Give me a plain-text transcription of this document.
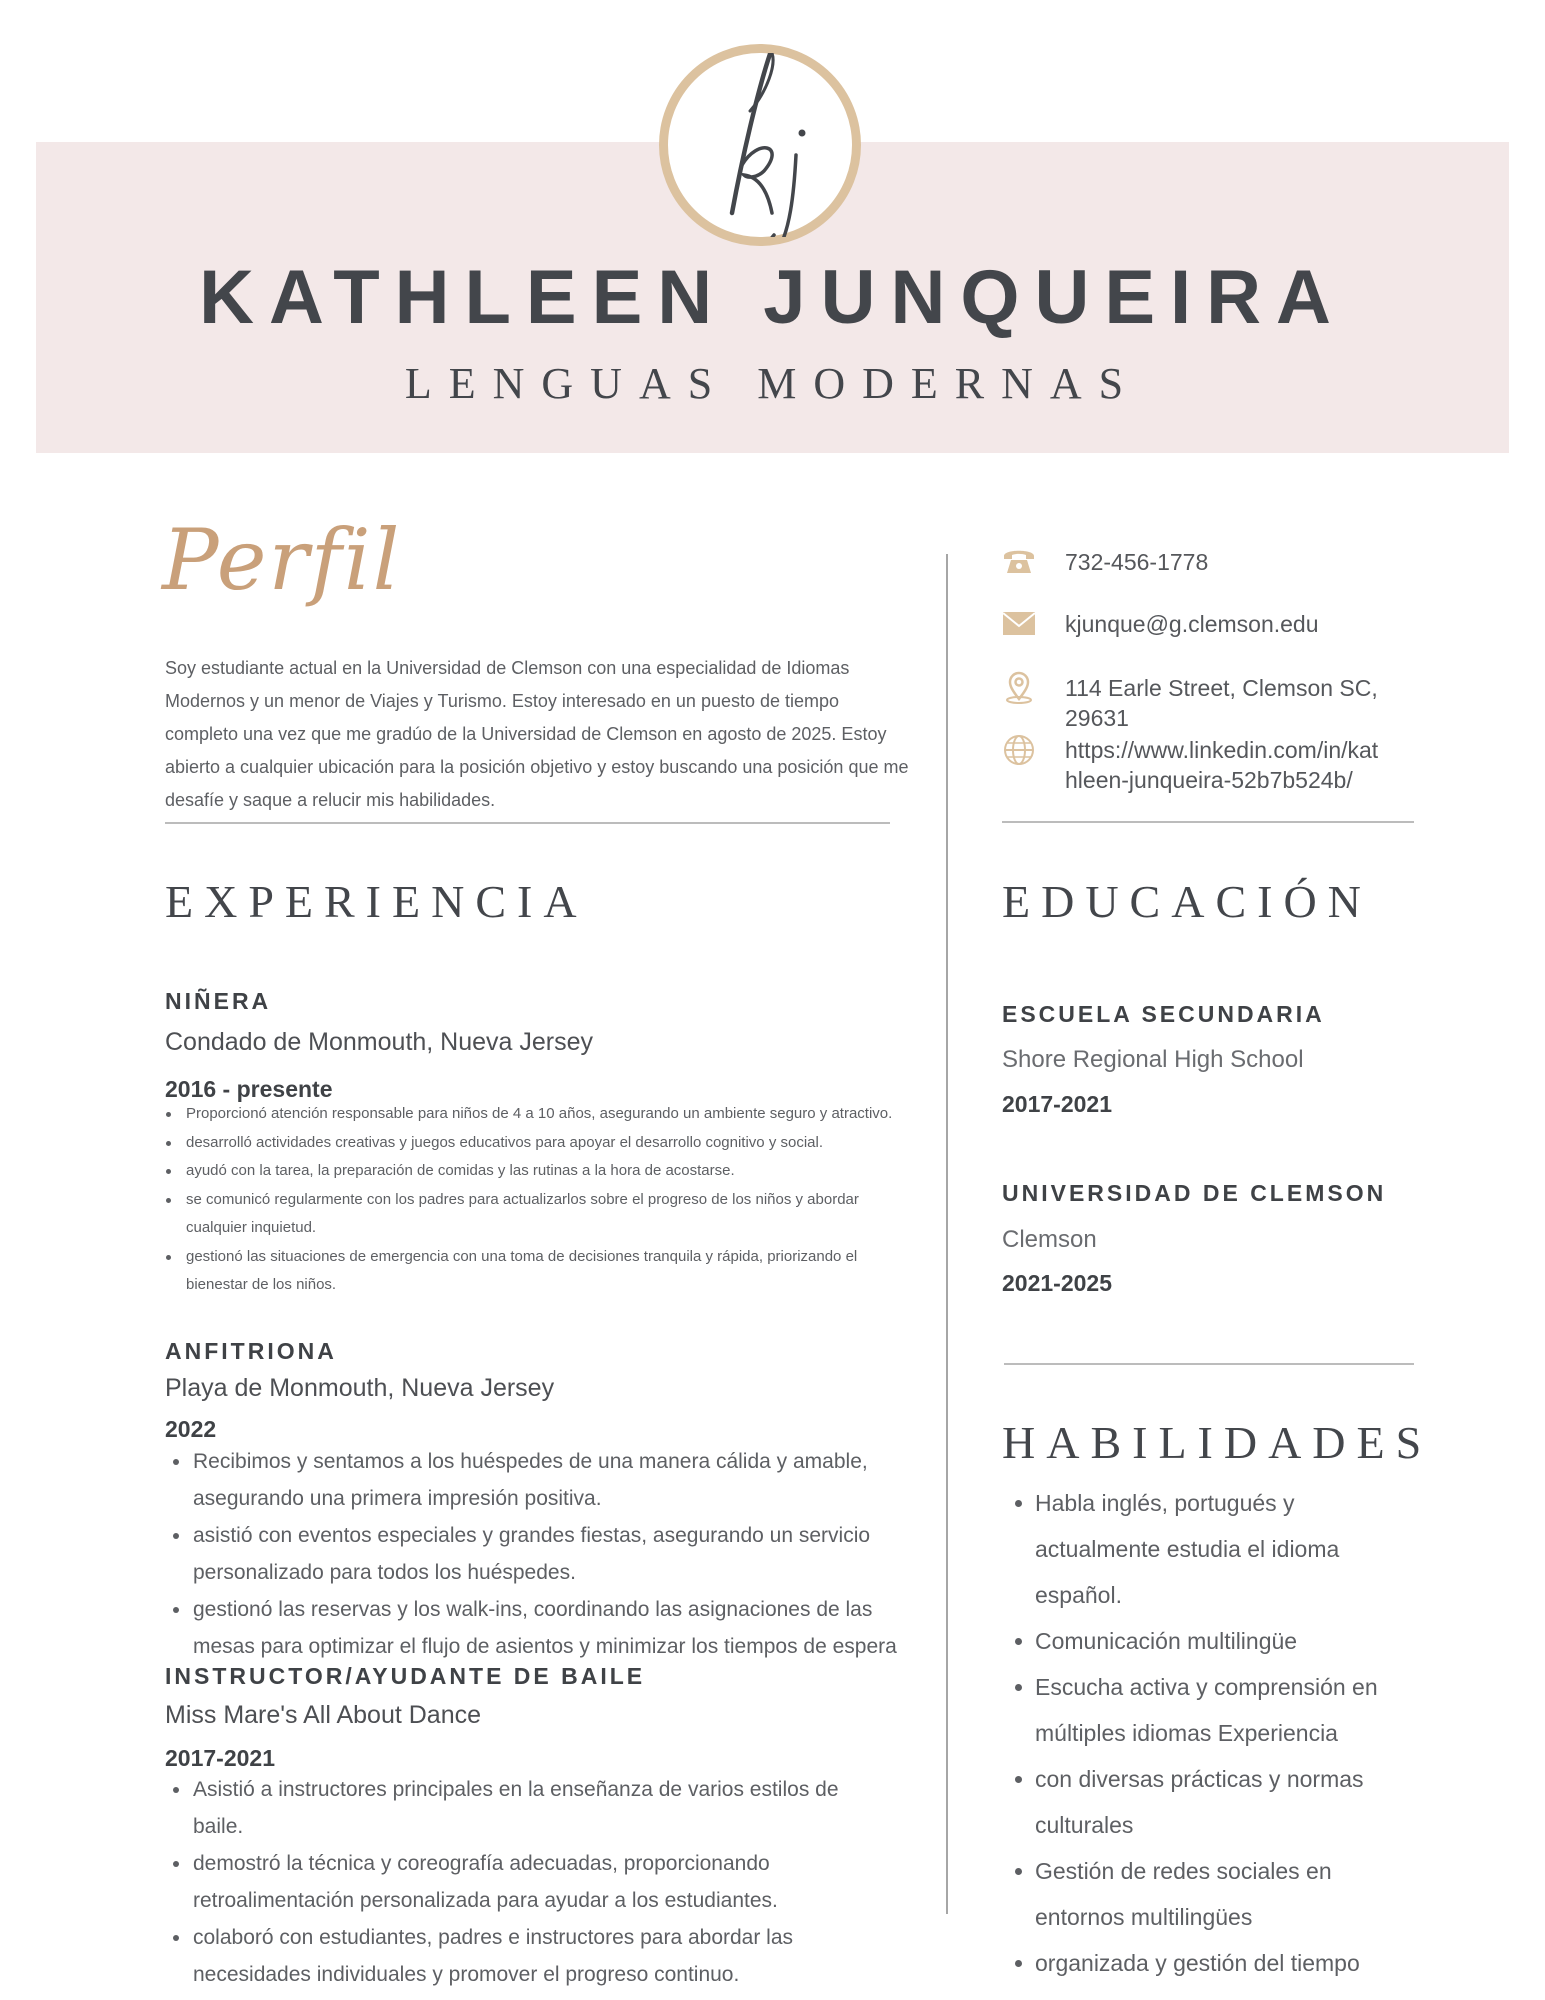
KATHLEEN JUNQUEIRA
LENGUAS MODERNAS
Perfil
Soy estudiante actual en la Universidad de Clemson con una especialidad de Idiomas Modernos y un menor de Viajes y Turismo. Estoy interesado en un puesto de tiempo completo una vez que me gradúo de la Universidad de Clemson en agosto de 2025. Estoy abierto a cualquier ubicación para la posición objetivo y estoy buscando una posición que me desafíe y saque a relucir mis habilidades.
732-456-1778
kjunque@g.clemson.edu
114 Earle Street, Clemson SC,
29631
https://www.linkedin.com/in/kat
hleen-junqueira-52b7b524b/
EXPERIENCIA
NIÑERA
Condado de Monmouth, Nueva Jersey
2016 - presente
Proporcionó atención responsable para niños de 4 a 10 años, asegurando un ambiente seguro y atractivo.
desarrolló actividades creativas y juegos educativos para apoyar el desarrollo cognitivo y social.
ayudó con la tarea, la preparación de comidas y las rutinas a la hora de acostarse.
se comunicó regularmente con los padres para actualizarlos sobre el progreso de los niños y abordar cualquier inquietud.
gestionó las situaciones de emergencia con una toma de decisiones tranquila y rápida, priorizando el bienestar de los niños.
ANFITRIONA
Playa de Monmouth, Nueva Jersey
2022
Recibimos y sentamos a los huéspedes de una manera cálida y amable, asegurando una primera impresión positiva.
asistió con eventos especiales y grandes fiestas, asegurando un servicio personalizado para todos los huéspedes.
gestionó las reservas y los walk-ins, coordinando las asignaciones de las mesas para optimizar el flujo de asientos y minimizar los tiempos de espera
INSTRUCTOR/AYUDANTE DE BAILE
Miss Mare's All About Dance
2017-2021
Asistió a instructores principales en la enseñanza de varios estilos de baile.
demostró la técnica y coreografía adecuadas, proporcionando retroalimentación personalizada para ayudar a los estudiantes.
colaboró con estudiantes, padres e instructores para abordar las necesidades individuales y promover el progreso continuo.
EDUCACIÓN
ESCUELA SECUNDARIA
Shore Regional High School
2017-2021
UNIVERSIDAD DE CLEMSON
Clemson
2021-2025
HABILIDADES
Habla inglés, portugués y actualmente estudia el idioma español.
Comunicación multilingüe
Escucha activa y comprensión en múltiples idiomas Experiencia
con diversas prácticas y normas culturales
Gestión de redes sociales en entornos multilingües
organizada y gestión del tiempo
